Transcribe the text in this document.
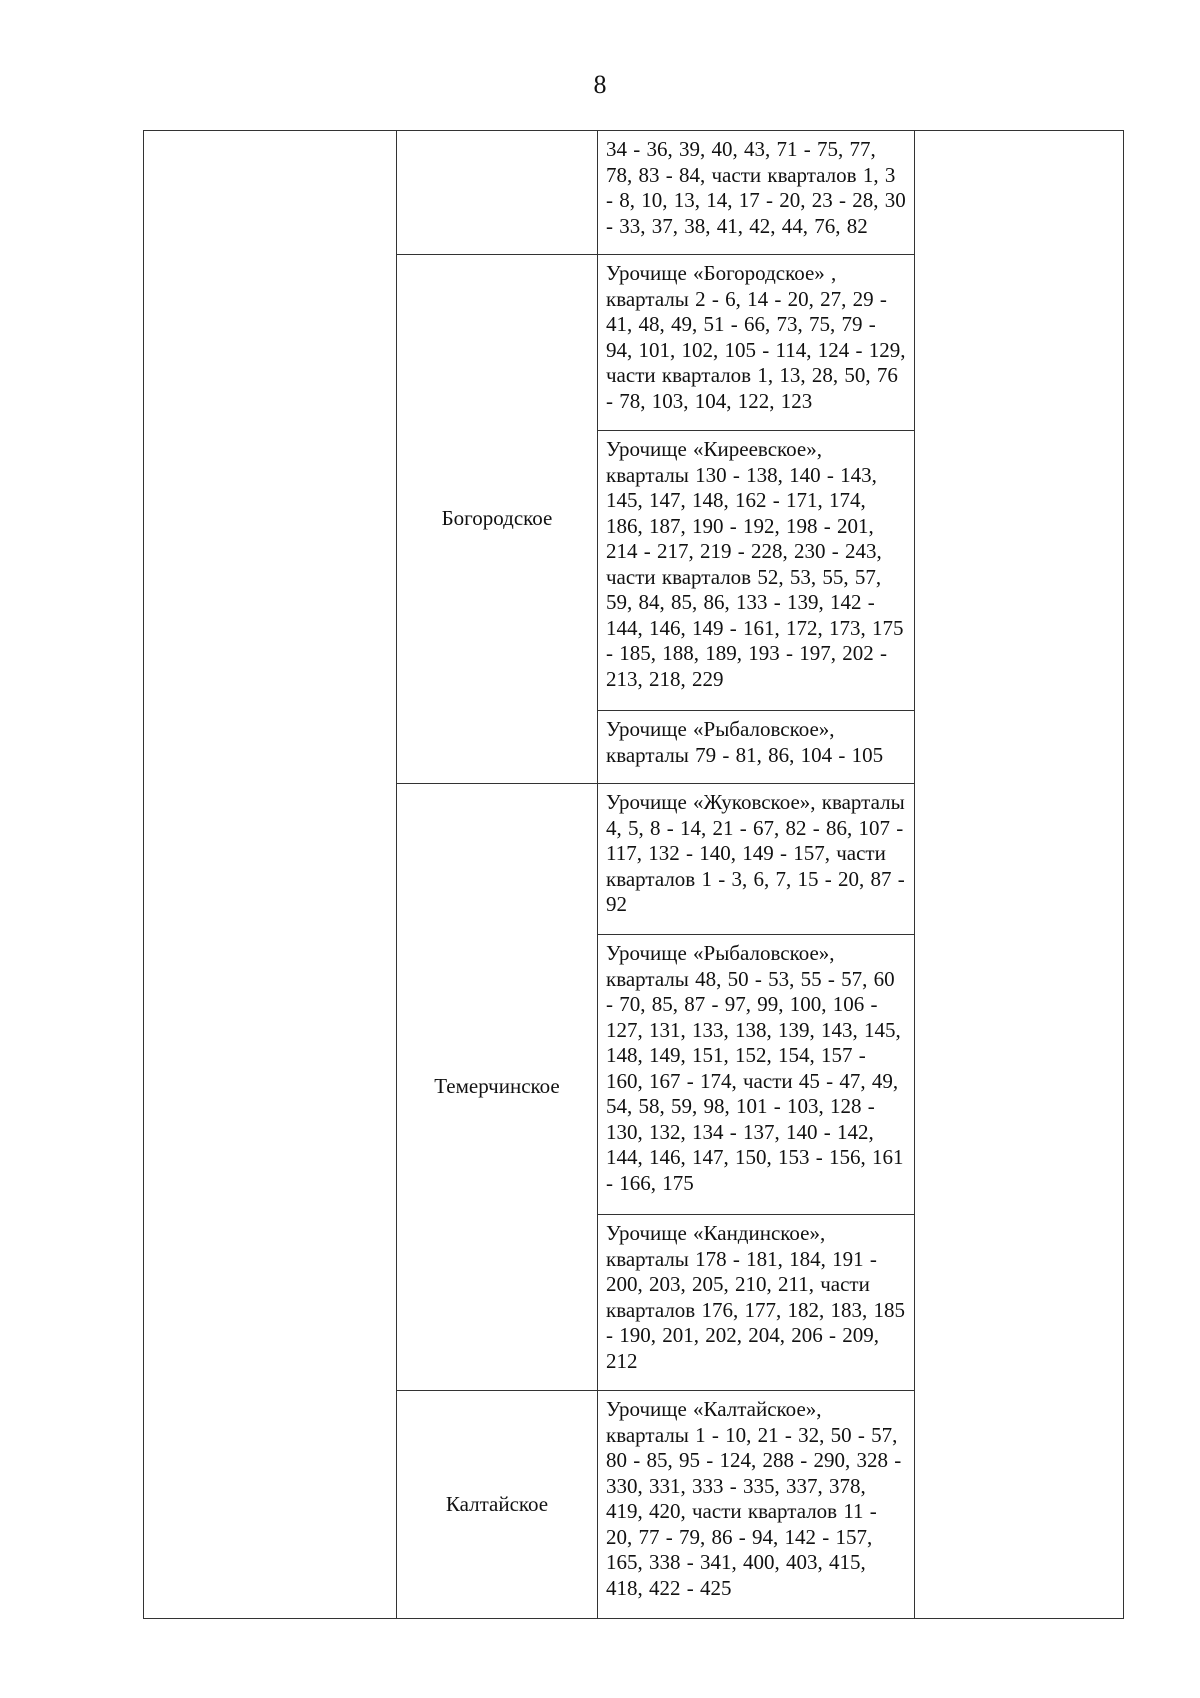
8

		34 - 36, 39, 40, 43, 71 - 75, 77, 78, 83 - 84, части кварталов 1, 3 - 8, 10, 13, 14, 17 - 20, 23 - 28, 30 - 33, 37, 38, 41, 42, 44, 76, 82	

	Богородское	Урочище «Богородское» , кварталы 2 - 6, 14 - 20, 27, 29 - 41, 48, 49, 51 - 66, 73, 75, 79 - 94, 101, 102, 105 - 114, 124 - 129, части кварталов 1, 13, 28, 50, 76 - 78, 103, 104, 122, 123	

		Урочище «Киреевское», кварталы 130 - 138, 140 - 143, 145, 147, 148, 162 - 171, 174, 186, 187, 190 - 192, 198 - 201, 214 - 217, 219 - 228, 230 - 243, части кварталов 52, 53, 55, 57, 59, 84, 85, 86, 133 - 139, 142 - 144, 146, 149 - 161, 172, 173, 175 - 185, 188, 189, 193 - 197, 202 - 213, 218, 229	

		Урочище «Рыбаловское», кварталы 79 - 81, 86, 104 - 105	

	Темерчинское	Урочище «Жуковское», кварталы 4, 5, 8 - 14, 21 - 67, 82 - 86, 107 - 117, 132 - 140, 149 - 157, части кварталов 1 - 3, 6, 7, 15 - 20, 87 - 92	

		Урочище «Рыбаловское», кварталы 48, 50 - 53, 55 - 57, 60 - 70, 85, 87 - 97, 99, 100, 106 - 127, 131, 133, 138, 139, 143, 145, 148, 149, 151, 152, 154, 157 - 160, 167 - 174, части 45 - 47, 49, 54, 58, 59, 98, 101 - 103, 128 - 130, 132, 134 - 137, 140 - 142, 144, 146, 147, 150, 153 - 156, 161 - 166, 175	

		Урочище «Кандинское», кварталы 178 - 181, 184, 191 - 200, 203, 205, 210, 211, части кварталов 176, 177, 182, 183, 185 - 190, 201, 202, 204, 206 - 209, 212	

	Калтайское	Урочище «Калтайское», кварталы 1 - 10, 21 - 32, 50 - 57, 80 - 85, 95 - 124, 288 - 290, 328 - 330, 331, 333 - 335, 337, 378, 419, 420, части кварталов 11 - 20, 77 - 79, 86 - 94, 142 - 157, 165, 338 - 341, 400, 403, 415, 418, 422 - 425	
